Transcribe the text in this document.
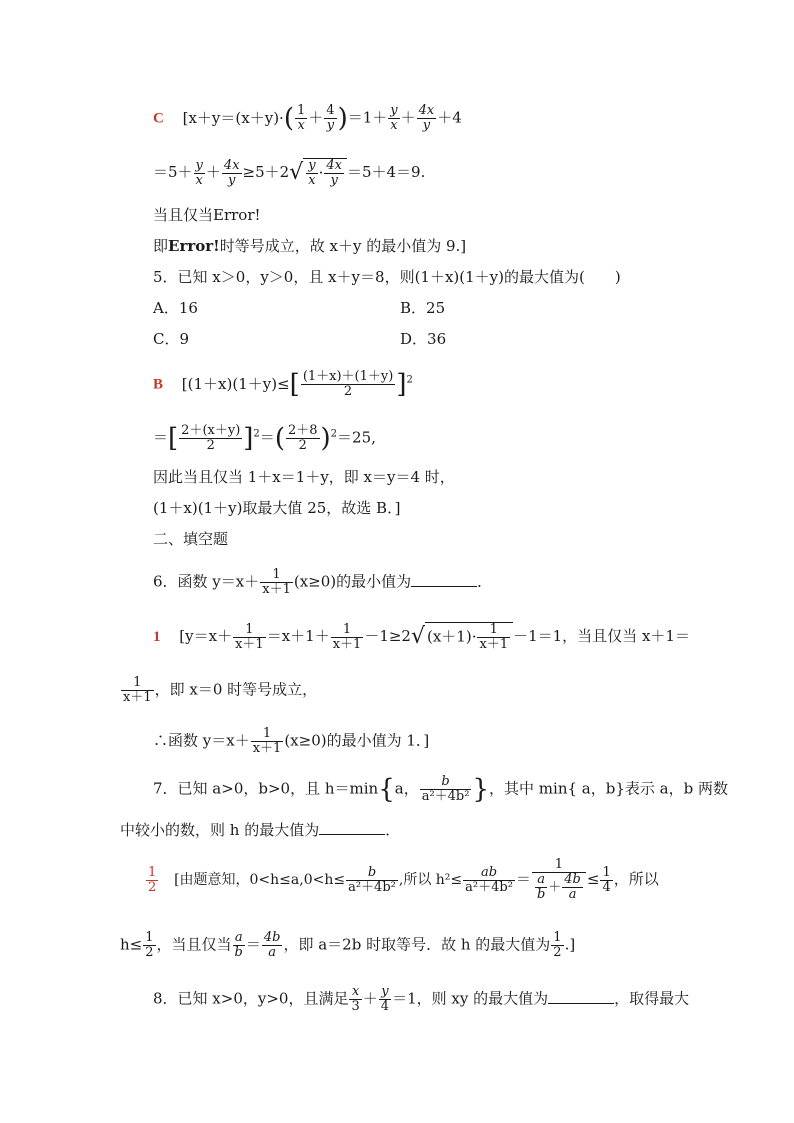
C [$x+y=(x+y)\cdot( \frac{1}{x} + \frac{4}{y} )=1+ \frac{y}{x} + \frac{4x}{y} +4$
$=5+ \frac{y}{x} + \frac{4x}{y} \ge 5+2√ \frac{y}{x} \cdot \frac{4x}{y} =5+4=9$.
当且仅当Error!
即Error!时等号成立，故 x＋y 的最小值为 9.]
5．已知 x＞0，y＞0，且 x＋y＝8，则(1＋x)(1＋y)的最大值为(　　)
A．16	B．25
C．9	D．36
B [$(1+x)(1+y)\le[ \frac{(1+x)+(1+y)}{2} ]^2$
＝[ $\frac{2+(x+y)}{2} ]^2=( \frac{2+8}{2} )^2=25$,
因此当且仅当 1＋x＝1＋y，即 x＝y＝4 时，
(1＋x)(1＋y)取最大值 25，故选 B．]
二、填空题
6．函数 $y=x+ \frac{1}{x+1} (x\ge 0)$的最小值为	．
1 [$y=x+ \frac{1}{x+1} =x+1+ \frac{1}{x+1} -1\ge 2√$ $(x+1)\cdot \frac{1}{x+1} -1=1$，当且仅当 x＋1＝
$\frac{1}{x+1}$ ，即 x＝0 时等号成立，
∴函数 $y=x+ \frac{1}{x+1} (x\ge 0)$的最小值为 1．]
7．已知 a>0，b>0，且 h＝min{a， $\frac{b}{\text{a²＋4b²}}$ }，其中 min{ a，b}表示 a，b 两数
中较小的数，则 h 的最大值为	．
$\frac{1}{2}$ [由题意知，$0<h\le a,0<h\le \frac{b}{\text{a²＋4b²}}$ ,所以 $h^2\le \frac{ab}{\text{a²＋4b²}} = \frac{1}{\frac{a}{b} + \frac{4b}{a}} \le \frac{1}{4}$ ，所以
$h\le \frac{1}{2}$ ，当且仅当 $\frac{a}{b} = \frac{4b}{a}$ ，即 a＝2b 时取等号．故 h 的最大值为 $\frac{1}{2}$ .]
8．已知 x>0，y>0，且满足 $\frac{x}{3} + \frac{y}{4} =1$，则 xy 的最大值为	，取得最大
